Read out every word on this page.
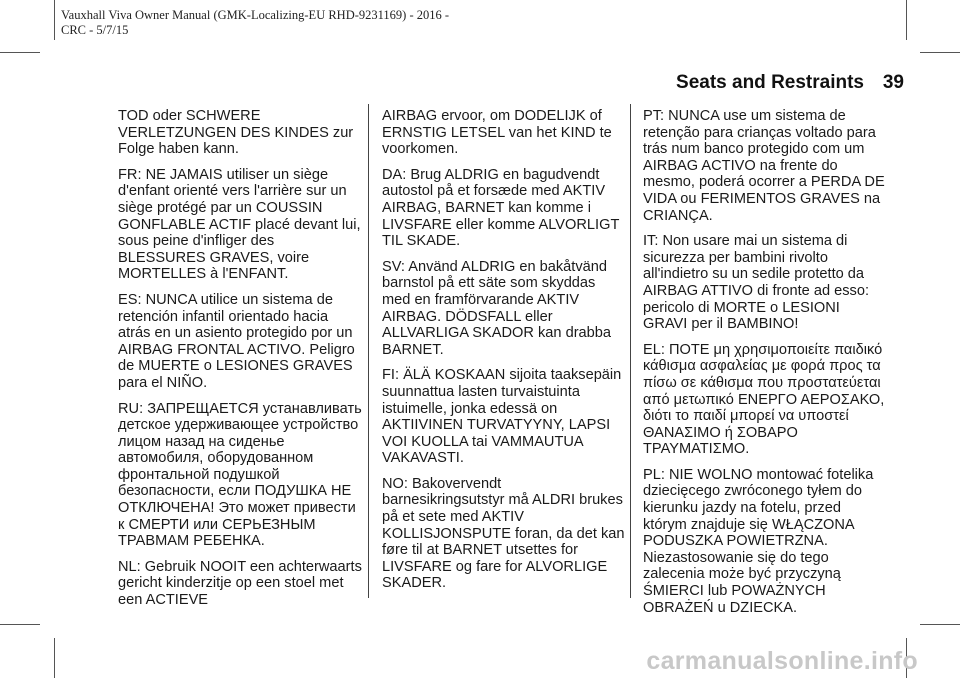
Vauxhall Viva Owner Manual (GMK-Localizing-EU RHD-9231169) - 2016 -
CRC - 5/7/15
Seats and Restraints 39

TOD oder SCHWERE VERLETZUNGEN DES KINDES zur Folge haben kann.

FR: NE JAMAIS utiliser un siège d'enfant orienté vers l'arrière sur un siège protégé par un COUSSIN GONFLABLE ACTIF placé devant lui, sous peine d'infliger des BLESSURES GRAVES, voire MORTELLES à l'ENFANT.

ES: NUNCA utilice un sistema de retención infantil orientado hacia atrás en un asiento protegido por un AIRBAG FRONTAL ACTIVO. Peligro de MUERTE o LESIONES GRAVES para el NIÑO.

RU: ЗАПРЕЩАЕТСЯ устанавливать детское удерживающее устройство лицом назад на сиденье автомобиля, оборудованном фронтальной подушкой безопасности, если ПОДУШКА НЕ ОТКЛЮЧЕНА! Это может привести к СМЕРТИ или СЕРЬЕЗНЫМ ТРАВМАМ РЕБЕНКА.

NL: Gebruik NOOIT een achterwaarts gericht kinderzitje op een stoel met een ACTIEVE

AIRBAG ervoor, om DODELIJK of ERNSTIG LETSEL van het KIND te voorkomen.

DA: Brug ALDRIG en bagudvendt autostol på et forsæde med AKTIV AIRBAG, BARNET kan komme i LIVSFARE eller komme ALVORLIGT TIL SKADE.

SV: Använd ALDRIG en bakåtvänd barnstol på ett säte som skyddas med en framförvarande AKTIV AIRBAG. DÖDSFALL eller ALLVARLIGA SKADOR kan drabba BARNET.

FI: ÄLÄ KOSKAAN sijoita taaksepäin suunnattua lasten turvaistuinta istuimelle, jonka edessä on AKTIIVINEN TURVATYYNY, LAPSI VOI KUOLLA tai VAMMAUTUA VAKAVASTI.

NO: Bakovervendt barnesikringsutstyr må ALDRI brukes på et sete med AKTIV KOLLISJONSPUTE foran, da det kan føre til at BARNET utsettes for LIVSFARE og fare for ALVORLIGE SKADER.

PT: NUNCA use um sistema de retenção para crianças voltado para trás num banco protegido com um AIRBAG ACTIVO na frente do mesmo, poderá ocorrer a PERDA DE VIDA ou FERIMENTOS GRAVES na CRIANÇA.

IT: Non usare mai un sistema di sicurezza per bambini rivolto all'indietro su un sedile protetto da AIRBAG ATTIVO di fronte ad esso: pericolo di MORTE o LESIONI GRAVI per il BAMBINO!

EL: ΠΟΤΕ μη χρησιμοποιείτε παιδικό κάθισμα ασφαλείας με φορά προς τα πίσω σε κάθισμα που προστατεύεται από μετωπικό ΕΝΕΡΓΟ ΑΕΡΟΣΑΚΟ, διότι το παιδί μπορεί να υποστεί ΘΑΝΑΣΙΜΟ ή ΣΟΒΑΡΟ ΤΡΑΥΜΑΤΙΣΜΟ.

PL: NIE WOLNO montować fotelika dziecięcego zwróconego tyłem do kierunku jazdy na fotelu, przed którym znajduje się WŁĄCZONA PODUSZKA POWIETRZNA. Niezastosowanie się do tego zalecenia może być przyczyną ŚMIERCI lub POWAŻNYCH OBRAŻEŃ u DZIECKA.

carmanualsonline.info
